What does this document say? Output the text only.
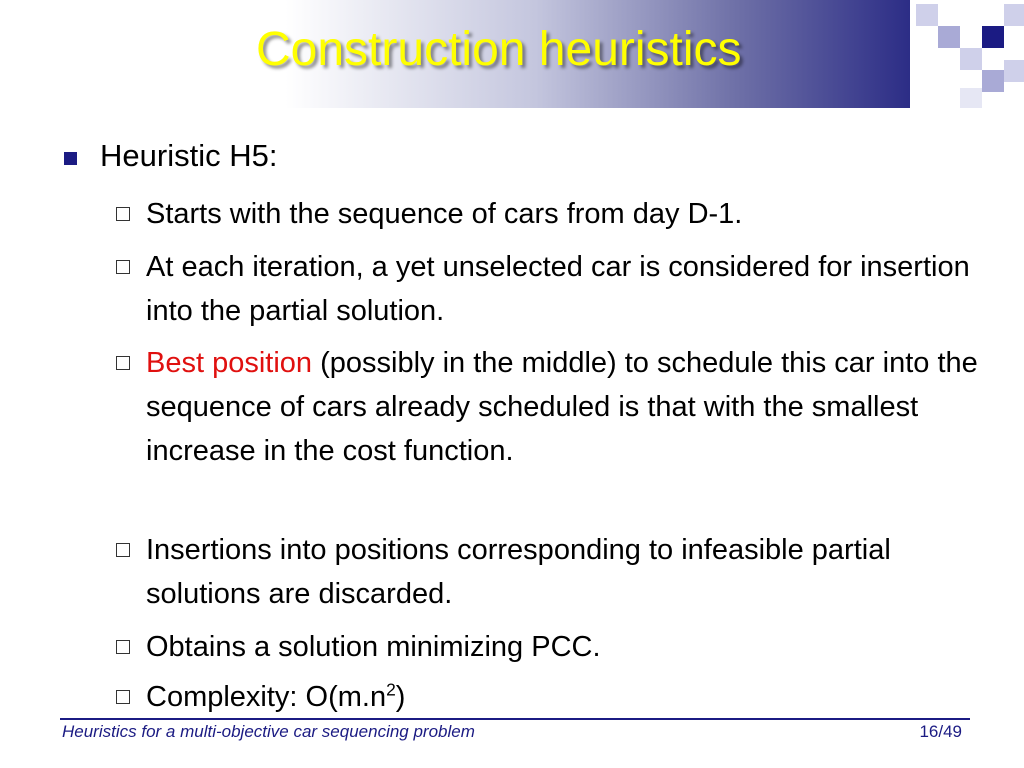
Construction heuristics
Heuristic H5:
Starts with the sequence of cars from day D-1.
At each iteration, a yet unselected car is considered for insertion into the partial solution.
Best position (possibly in the middle) to schedule this car into the sequence of cars already scheduled is that with the smallest increase in the cost function.
Insertions into positions corresponding to infeasible partial solutions are discarded.
Obtains a solution minimizing PCC.
Complexity: $O(m.n^2)$
Heuristics for a multi-objective car sequencing problem	16/49
